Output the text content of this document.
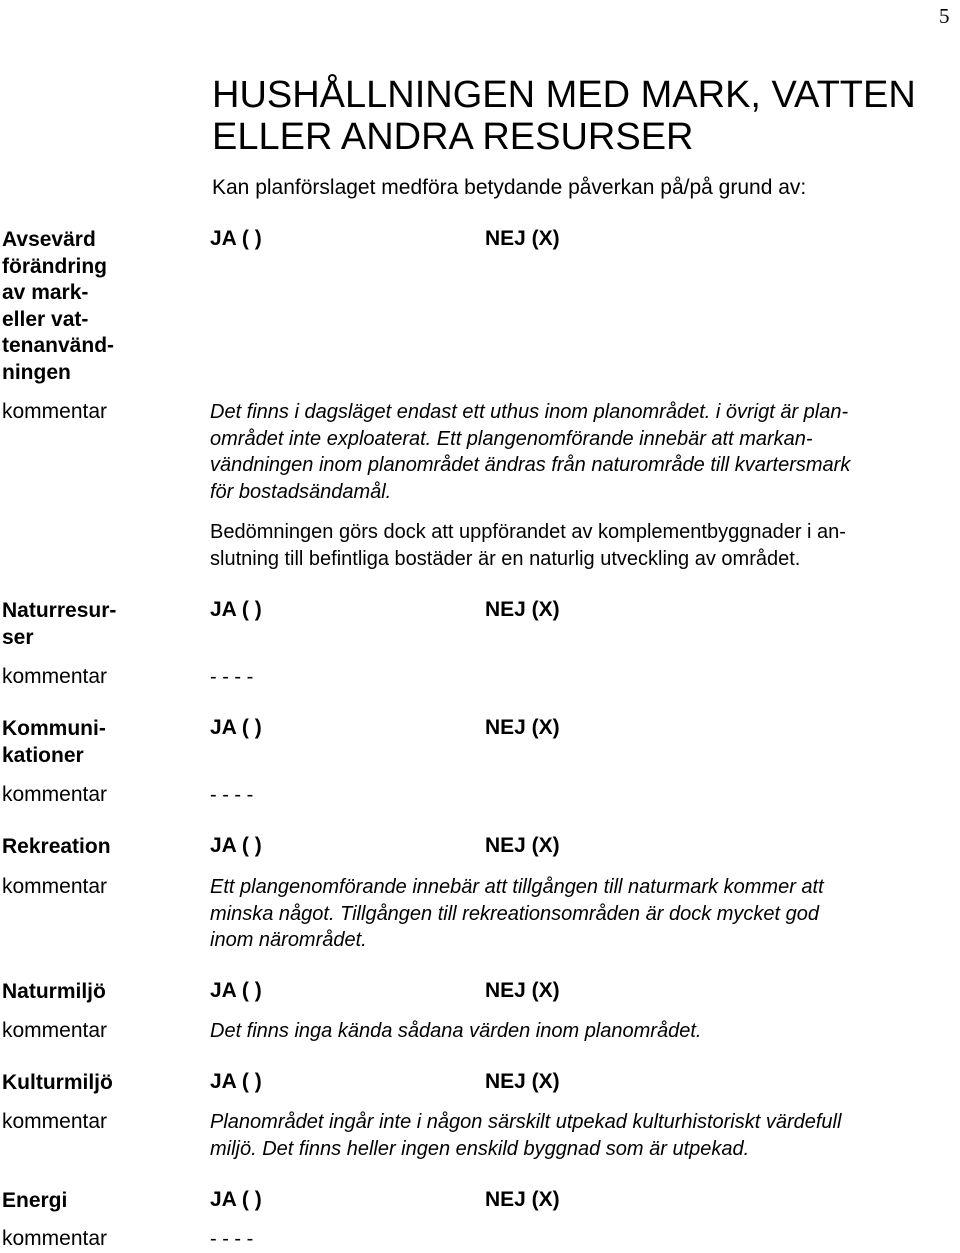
5
HUSHÅLLNINGEN MED MARK, VATTEN
ELLER ANDRA RESURSER
Kan planförslaget medföra betydande påverkan på/på grund av:
Avsevärd
förändring
av mark-
eller vat-
tenanvänd-
ningen
JA ( )	NEJ (X)
kommentar	Det finns i dagsläget endast ett uthus inom planområdet. i övrigt är plan-
området inte exploaterat. Ett plangenomförande innebär att markan-
vändningen inom planområdet ändras från naturområde till kvartersmark
för bostadsändamål.
Bedömningen görs dock att uppförandet av komplementbyggnader i an-
slutning till befintliga bostäder är en naturlig utveckling av området.
Naturresur-
ser
JA ( )	NEJ (X)
kommentar	- - - -
Kommuni-
kationer
JA ( )	NEJ (X)
kommentar	- - - -
Rekreation	JA ( )	NEJ (X)
kommentar	Ett plangenomförande innebär att tillgången till naturmark kommer att
minska något. Tillgången till rekreationsområden är dock mycket god
inom närområdet.
Naturmiljö	JA ( )	NEJ (X)
kommentar	Det finns inga kända sådana värden inom planområdet.
Kulturmiljö	JA ( )	NEJ (X)
kommentar	Planområdet ingår inte i någon särskilt utpekad kulturhistoriskt värdefull
miljö. Det finns heller ingen enskild byggnad som är utpekad.
Energi	JA ( )	NEJ (X)
kommentar	- - - -
